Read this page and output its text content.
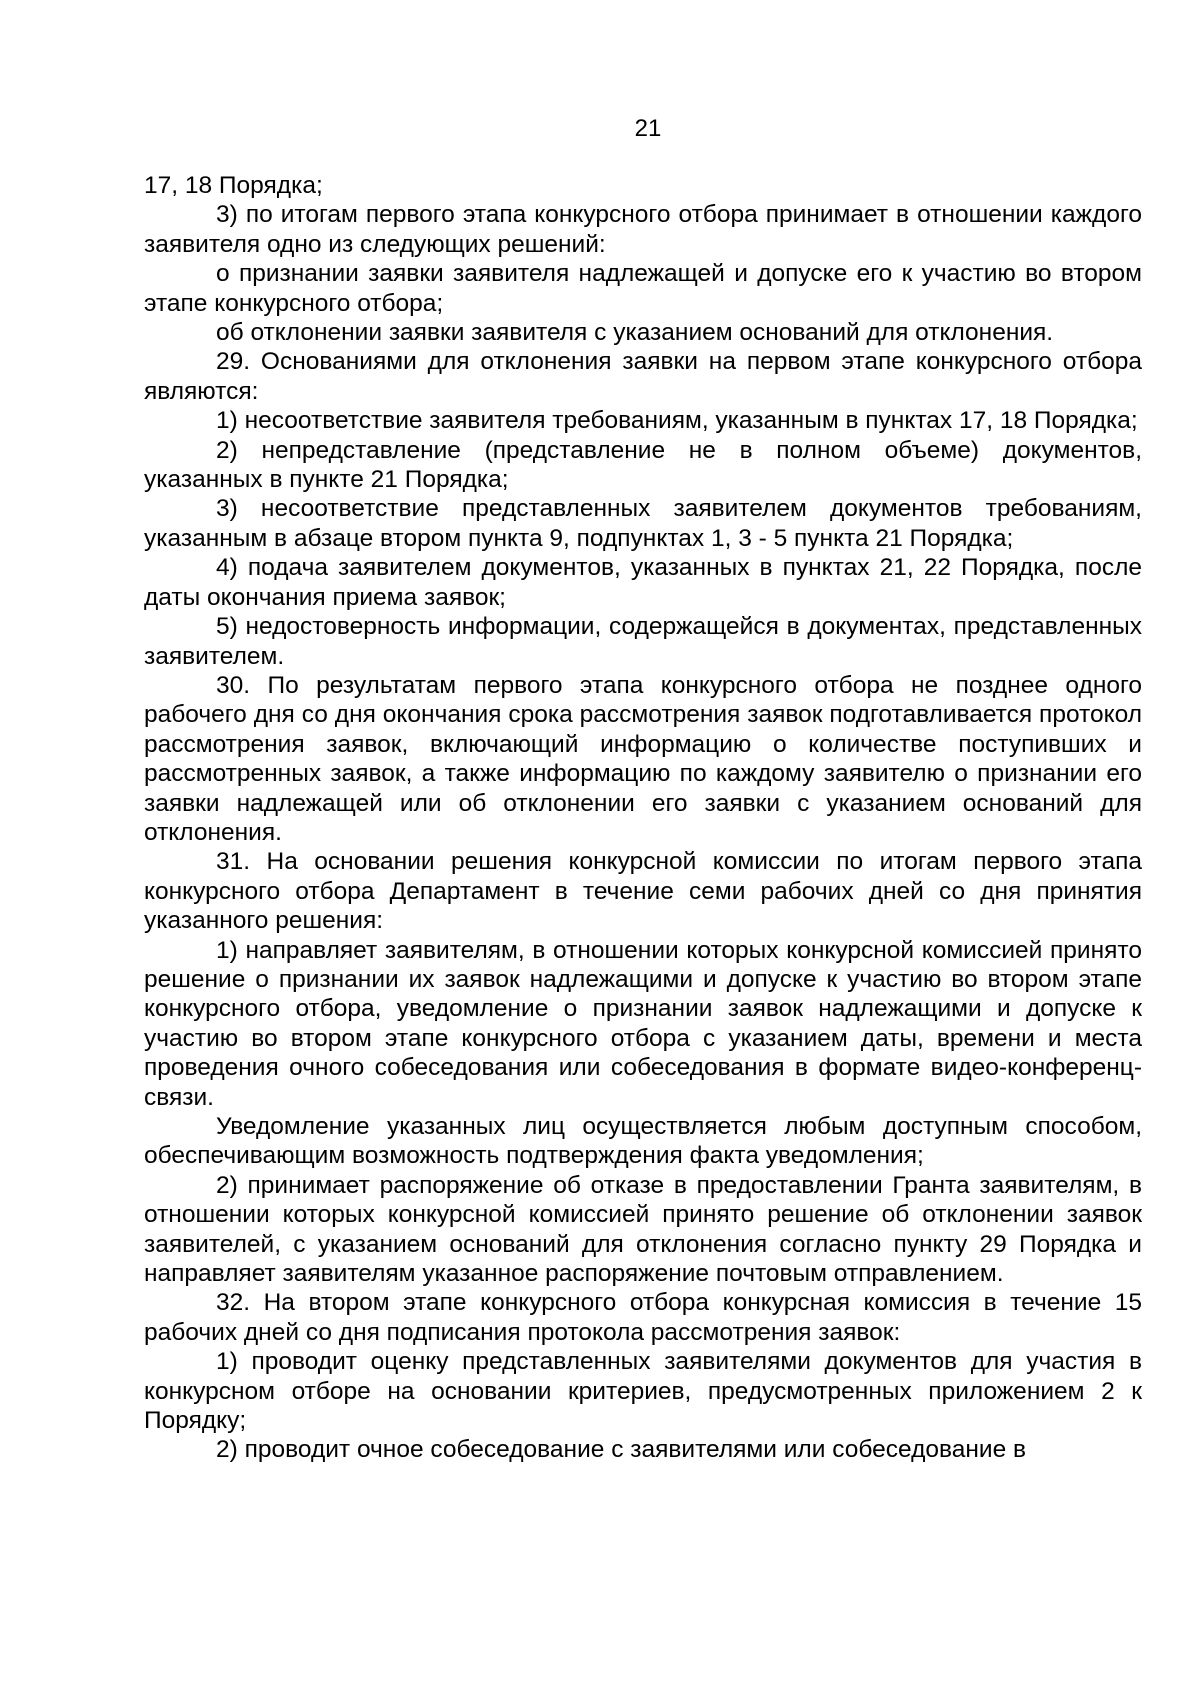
21

17, 18 Порядка;

3) по итогам первого этапа конкурсного отбора принимает в отношении каждого заявителя одно из следующих решений:

о признании заявки заявителя надлежащей и допуске его к участию во втором этапе конкурсного отбора;

об отклонении заявки заявителя с указанием оснований для отклонения.

29. Основаниями для отклонения заявки на первом этапе конкурсного отбора являются:

1) несоответствие заявителя требованиям, указанным в пунктах 17, 18 Порядка;

2) непредставление (представление не в полном объеме) документов, указанных в пункте 21 Порядка;

3) несоответствие представленных заявителем документов требованиям, указанным в абзаце втором пункта 9, подпунктах 1, 3 - 5 пункта 21 Порядка;

4) подача заявителем документов, указанных в пунктах 21, 22 Порядка, после даты окончания приема заявок;

5) недостоверность информации, содержащейся в документах, представленных заявителем.

30. По результатам первого этапа конкурсного отбора не позднее одного рабочего дня со дня окончания срока рассмотрения заявок подготавливается протокол рассмотрения заявок, включающий информацию о количестве поступивших и рассмотренных заявок, а также информацию по каждому заявителю о признании его заявки надлежащей или об отклонении его заявки с указанием оснований для отклонения.

31. На основании решения конкурсной комиссии по итогам первого этапа конкурсного отбора Департамент в течение семи рабочих дней со дня принятия указанного решения:

1) направляет заявителям, в отношении которых конкурсной комиссией принято решение о признании их заявок надлежащими и допуске к участию во втором этапе конкурсного отбора, уведомление о признании заявок надлежащими и допуске к участию во втором этапе конкурсного отбора с указанием даты, времени и места проведения очного собеседования или собеседования в формате видео-конференц-связи.

Уведомление указанных лиц осуществляется любым доступным способом, обеспечивающим возможность подтверждения факта уведомления;

2) принимает распоряжение об отказе в предоставлении Гранта заявителям, в отношении которых конкурсной комиссией принято решение об отклонении заявок заявителей, с указанием оснований для отклонения согласно пункту 29 Порядка и направляет заявителям указанное распоряжение почтовым отправлением.

32. На втором этапе конкурсного отбора конкурсная комиссия в течение 15 рабочих дней со дня подписания протокола рассмотрения заявок:

1) проводит оценку представленных заявителями документов для участия в конкурсном отборе на основании критериев, предусмотренных приложением 2 к Порядку;

2) проводит очное собеседование с заявителями или собеседование в
